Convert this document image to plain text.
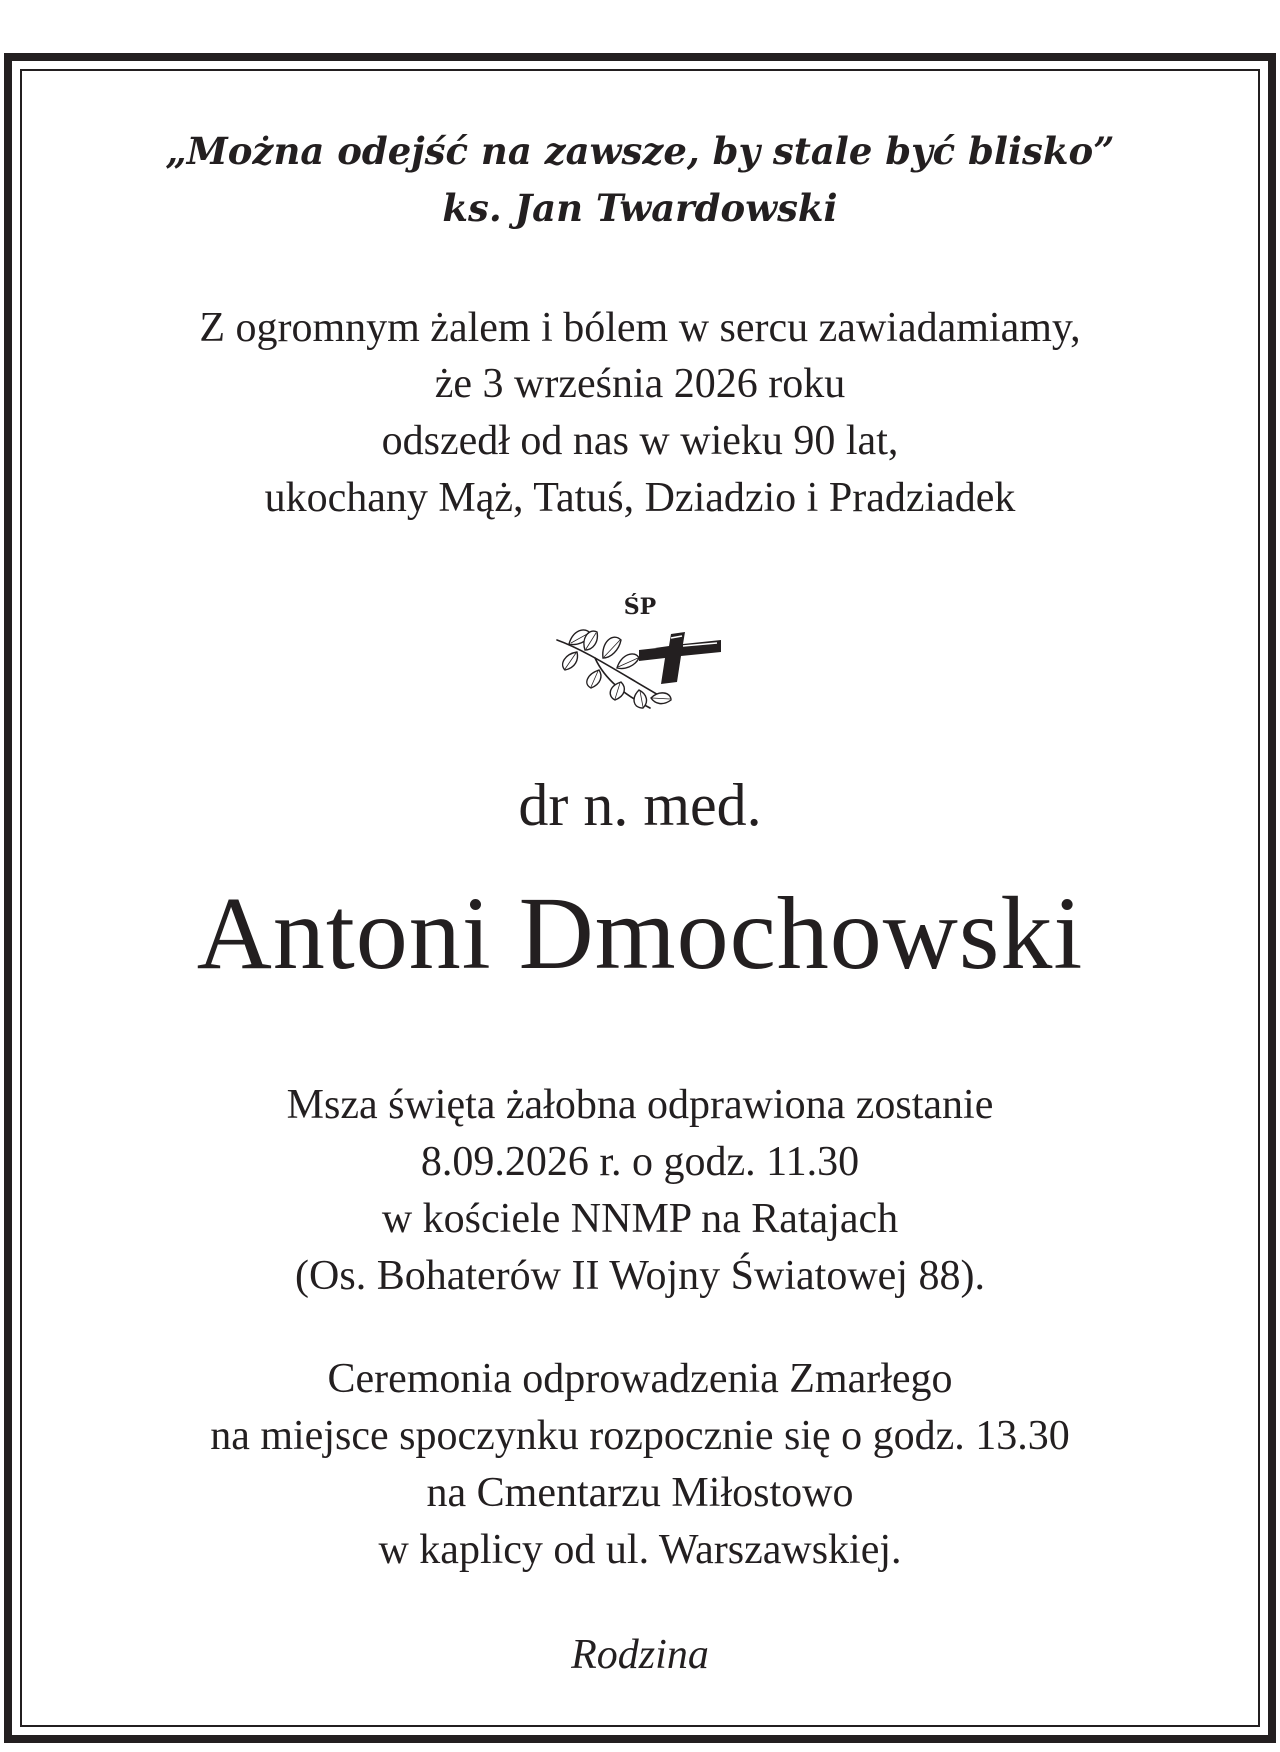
„Można odejść na zawsze, by stale być blisko”
ks. Jan Twardowski
Z ogromnym żalem i bólem w sercu zawiadamiamy,
że 3 września 2026 roku
odszedł od nas w wieku 90 lat,
ukochany Mąż, Tatuś, Dziadzio i Pradziadek
ŚP
dr n. med.
Antoni Dmochowski
Msza święta żałobna odprawiona zostanie
8.09.2026 r. o godz. 11.30
w kościele NNMP na Ratajach
(Os. Bohaterów II Wojny Światowej 88).
Ceremonia odprowadzenia Zmarłego
na miejsce spoczynku rozpocznie się o godz. 13.30
na Cmentarzu Miłostowo
w kaplicy od ul. Warszawskiej.
Rodzina
